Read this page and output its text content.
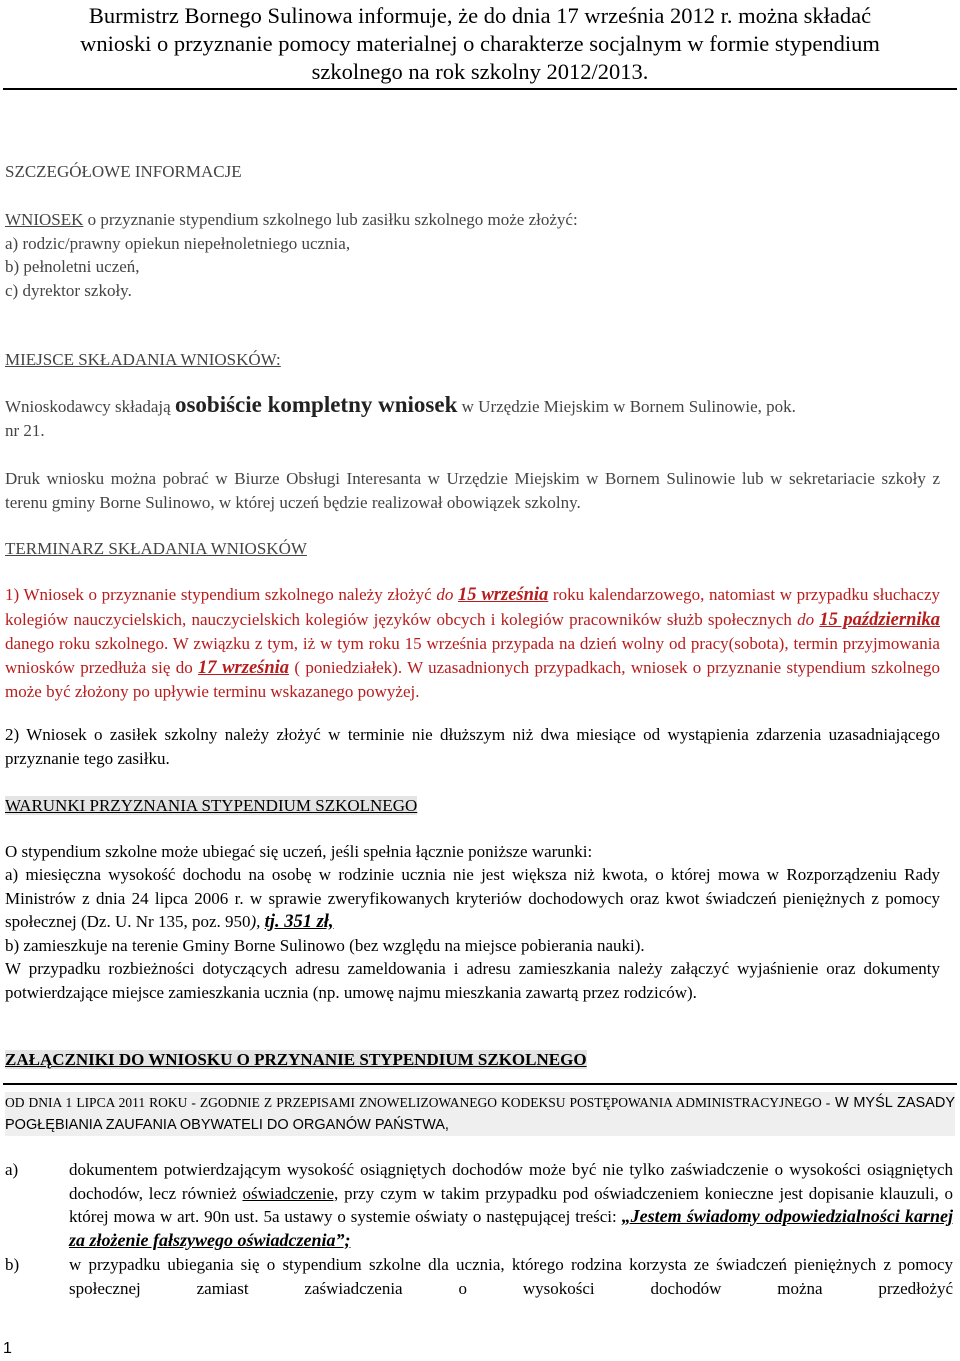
Burmistrz Bornego Sulinowa informuje, że do dnia 17 września 2012 r. można składać
wnioski o przyznanie pomocy materialnej o charakterze socjalnym w formie stypendium
szkolnego na rok szkolny 2012/2013.
SZCZEGÓŁOWE INFORMACJE
WNIOSEK o przyznanie stypendium szkolnego lub zasiłku szkolnego może złożyć:
a) rodzic/prawny opiekun niepełnoletniego ucznia,
b) pełnoletni uczeń,
c) dyrektor szkoły.
MIEJSCE SKŁADANIA WNIOSKÓW:
Wnioskodawcy składają osobiście kompletny wniosek w Urzędzie Miejskim w Bornem Sulinowie, pok.
nr 21.
Druk wniosku można pobrać w Biurze Obsługi Interesanta w Urzędzie Miejskim w Bornem Sulinowie lub w sekretariacie szkoły z terenu gminy Borne Sulinowo, w której uczeń będzie realizował obowiązek szkolny.
TERMINARZ SKŁADANIA WNIOSKÓW
1) Wniosek o przyznanie stypendium szkolnego należy złożyć do 15 września roku kalendarzowego, natomiast w przypadku słuchaczy kolegiów nauczycielskich, nauczycielskich kolegiów języków obcych i kolegiów pracowników służb społecznych do 15 października danego roku szkolnego. W związku z tym, iż w tym roku 15 września przypada na dzień wolny od pracy(sobota), termin przyjmowania wniosków przedłuża się do 17 września ( poniedziałek). W uzasadnionych przypadkach, wniosek o przyznanie stypendium szkolnego może być złożony po upływie terminu wskazanego powyżej.
2) Wniosek o zasiłek szkolny należy złożyć w terminie nie dłuższym niż dwa miesiące od wystąpienia zdarzenia uzasadniającego przyznanie tego zasiłku.
WARUNKI PRZYZNANIA STYPENDIUM SZKOLNEGO
O stypendium szkolne może ubiegać się uczeń, jeśli spełnia łącznie poniższe warunki:
a) miesięczna wysokość dochodu na osobę w rodzinie ucznia nie jest większa niż kwota, o której mowa w Rozporządzeniu Rady Ministrów z dnia 24 lipca 2006 r. w sprawie zweryfikowanych kryteriów dochodowych oraz kwot świadczeń pieniężnych z pomocy społecznej (Dz. U. Nr 135, poz. 950), tj. 351 zł,
b) zamieszkuje na terenie Gminy Borne Sulinowo (bez względu na miejsce pobierania nauki).
W przypadku rozbieżności dotyczących adresu zameldowania i adresu zamieszkania należy załączyć wyjaśnienie oraz dokumenty potwierdzające miejsce zamieszkania ucznia (np. umowę najmu mieszkania zawartą przez rodziców).
ZAŁĄCZNIKI DO WNIOSKU O PRZYNANIE STYPENDIUM SZKOLNEGO
OD DNIA 1 LIPCA 2011 ROKU - ZGODNIE Z PRZEPISAMI ZNOWELIZOWANEGO KODEKSU POSTĘPOWANIA ADMINISTRACYJNEGO - W MYŚL ZASADY POGŁĘBIANIA ZAUFANIA OBYWATELI DO ORGANÓW PAŃSTWA,
a)	dokumentem potwierdzającym wysokość osiągniętych dochodów może być nie tylko zaświadczenie o wysokości osiągniętych dochodów, lecz również oświadczenie, przy czym w takim przypadku pod oświadczeniem konieczne jest dopisanie klauzuli, o której mowa w art. 90n ust. 5a ustawy o systemie oświaty o następującej treści: „Jestem świadomy odpowiedzialności karnej za złożenie fałszywego oświadczenia”;
b)	w przypadku ubiegania się o stypendium szkolne dla ucznia, którego rodzina korzysta ze świadczeń pieniężnych z pomocy społecznej zamiast zaświadczenia o wysokości dochodów można przedłożyć
1
